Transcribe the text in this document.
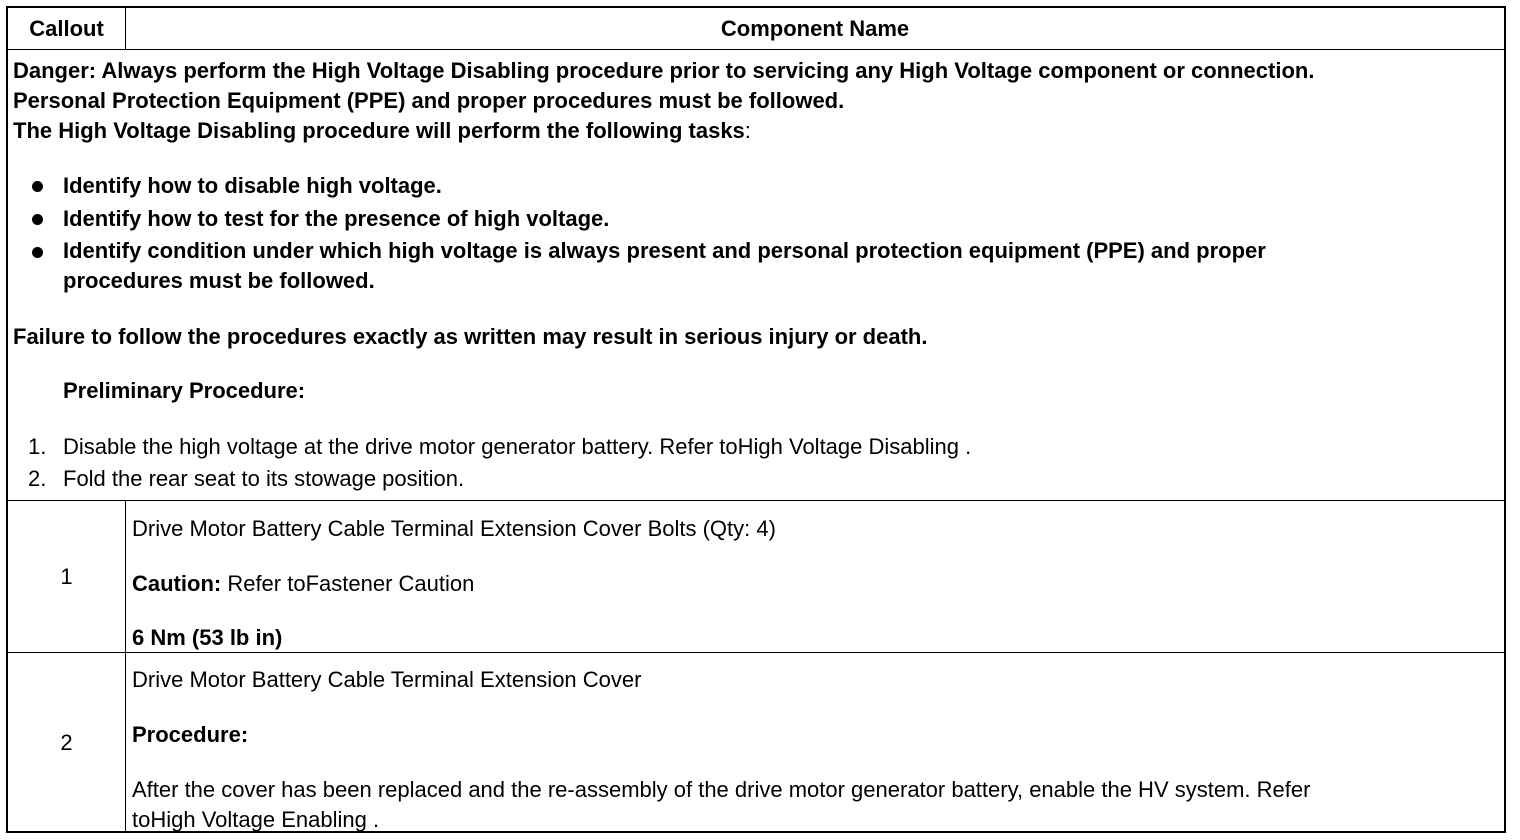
Callout	Component Name
Danger: Always perform the High Voltage Disabling procedure prior to servicing any High Voltage component or connection.
Personal Protection Equipment (PPE) and proper procedures must be followed.
The High Voltage Disabling procedure will perform the following tasks:
Identify how to disable high voltage.
Identify how to test for the presence of high voltage.
Identify condition under which high voltage is always present and personal protection equipment (PPE) and proper
procedures must be followed.
Failure to follow the procedures exactly as written may result in serious injury or death.
Preliminary Procedure:
1. Disable the high voltage at the drive motor generator battery. Refer toHigh Voltage Disabling .
2. Fold the rear seat to its stowage position.
1
Drive Motor Battery Cable Terminal Extension Cover Bolts (Qty: 4)
Caution: Refer toFastener Caution
6 Nm (53 lb in)
2
Drive Motor Battery Cable Terminal Extension Cover
Procedure:
After the cover has been replaced and the re-assembly of the drive motor generator battery, enable the HV system. Refer
toHigh Voltage Enabling .
